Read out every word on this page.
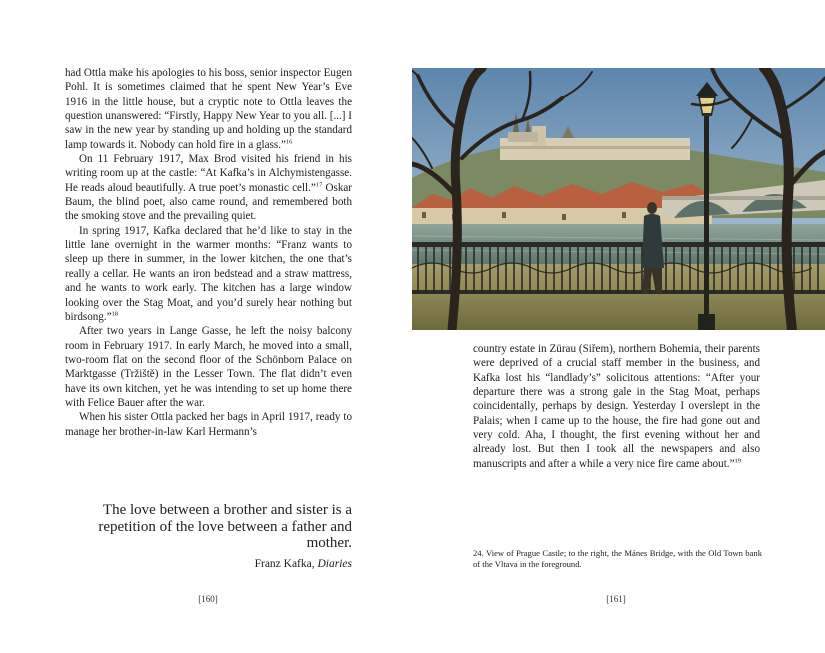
had Ottla make his apologies to his boss, senior inspector Eugen Pohl. It is sometimes claimed that he spent New Year’s Eve 1916 in the little house, but a cryptic note to Ottla leaves the question unanswered: “Firstly, Happy New Year to you all. [...] I saw in the new year by standing up and holding up the standard lamp towards it. Nobody can hold fire in a glass.”$^{16}$

On 11 February 1917, Max Brod visited his friend in his writing room up at the castle: “At Kafka’s in Alchymistengasse. He reads aloud beautifully. A true poet’s monastic cell.”$^{17}$ Oskar Baum, the blind poet, also came round, and remembered both the smoking stove and the prevailing quiet.

In spring 1917, Kafka declared that he’d like to stay in the little lane overnight in the warmer months: “Franz wants to sleep up there in summer, in the lower kitchen, the one that’s really a cellar. He wants an iron bedstead and a straw mattress, and he wants to work early. The kitchen has a large window looking over the Stag Moat, and you’d surely hear nothing but birdsong.”$^{18}$

After two years in Lange Gasse, he left the noisy balcony room in February 1917. In early March, he moved into a small, two-room flat on the second floor of the Schönborn Palace on Marktgasse (Tržiště) in the Lesser Town. The flat didn’t even have its own kitchen, yet he was intending to set up home there with Felice Bauer after the war.

When his sister Ottla packed her bags in April 1917, ready to manage her brother-in-law Karl Hermann’s

The love between a brother and sister is a repetition of the love between a father and mother.
Franz Kafka, Diaries
[160]

country estate in Zürau (Siřem), northern Bohemia, their parents were deprived of a crucial staff member in the business, and Kafka lost his “landlady’s” solicitous attentions: “After your departure there was a strong gale in the Stag Moat, perhaps coincidentally, perhaps by design. Yesterday I overslept in the Palais; when I came up to the house, the fire had gone out and very cold. Aha, I thought, the first evening without her and already lost. But then I took all the newspapers and also manuscripts and after a while a very nice fire came about.”$^{19}$

24. View of Prague Castle; to the right, the Mánes Bridge, with the Old Town bank of the Vltava in the foreground.
[161]
